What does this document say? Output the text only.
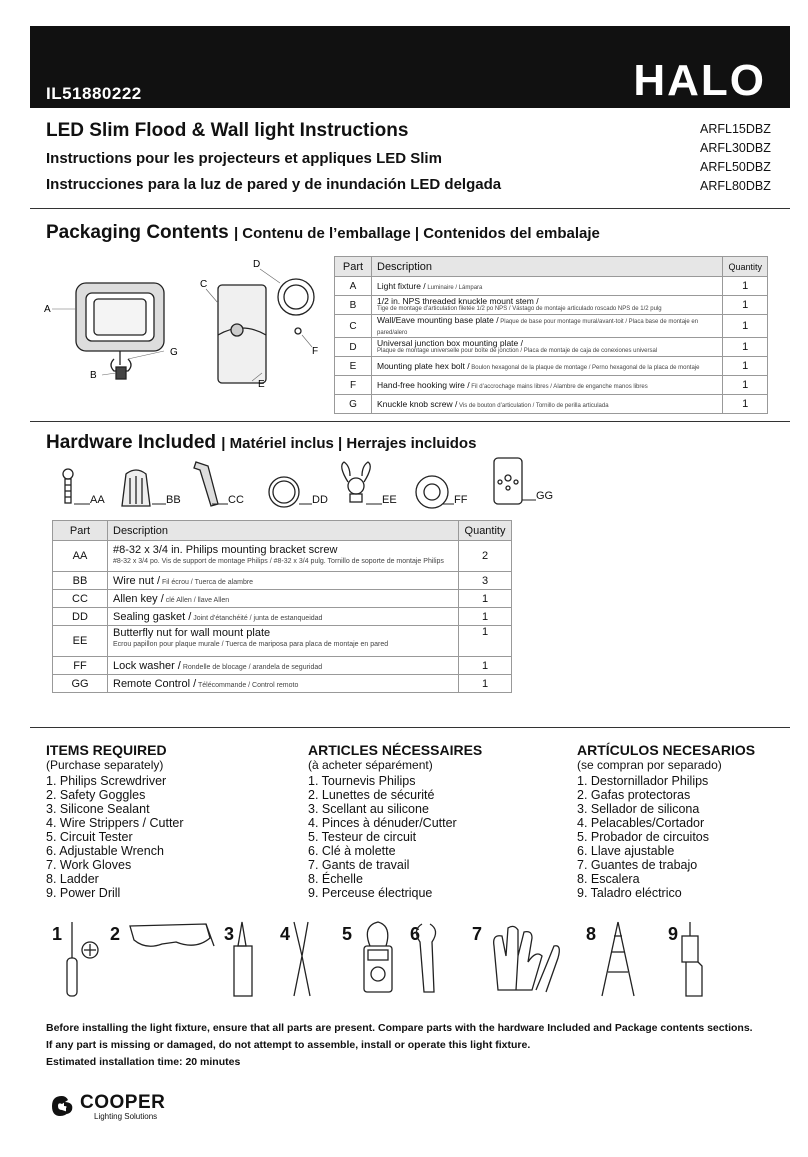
IL51880222	HALO
LED Slim Flood & Wall light Instructions
Instructions pour les projecteurs et appliques LED Slim
Instrucciones para la luz de pared y de inundación LED delgada
ARFL15DBZ
ARFL30DBZ
ARFL50DBZ
ARFL80DBZ
Packaging Contents | Contenu de l’emballage | Contenidos del embalaje
A
B
C
D
E
F
G
Part	Description	Quantity
A	Light fixture / Luminaire / Lámpara	1
B	1/2 in. NPS threaded knuckle mount stem /
Tige de montage d’articulation filetée 1/2 po NPS / Vástago de montaje articulado roscado NPS de 1/2 pulg	1
C	Wall/Eave mounting base plate / Plaque de base pour montage mural/avant-toit / Placa base de montaje en pared/alero	1
D	Universal junction box mounting plate /
Plaque de montage universelle pour boîte de jonction / Placa de montaje de caja de conexiones universal	1
E	Mounting plate hex bolt / Boulon hexagonal de la plaque de montage / Perno hexagonal de la placa de montaje	1
F	Hand-free hooking wire / Fil d’accrochage mains libres / Alambre de enganche manos libres	1
G	Knuckle knob screw / Vis de bouton d’articulation / Tornillo de perilla articulada	1
Hardware Included | Matériel inclus | Herrajes incluidos
AA	BB	CC	DD	EE	FF	GG
Part	Description	Quantity
AA	#8-32 x 3/4 in. Philips mounting bracket screw
#8-32 x 3/4 po. Vis de support de montage Philips / #8-32 x 3/4 pulg. Tornillo de soporte de montaje Philips	2
BB	Wire nut / Fil écrou / Tuerca de alambre	3
CC	Allen key / clé Allen / llave Allen	1
DD	Sealing gasket / Joint d’étanchéité / junta de estanqueidad	1
EE	Butterfly nut for wall mount plate
Ecrou papillon pour plaque murale / Tuerca de mariposa para placa de montaje en pared	1
FF	Lock washer / Rondelle de blocage / arandela de seguridad	1
GG	Remote Control / Télécommande / Control remoto	1
ITEMS REQUIRED
(Purchase separately)
1. Philips Screwdriver
2. Safety Goggles
3. Silicone Sealant
4. Wire Strippers / Cutter
5. Circuit Tester
6. Adjustable Wrench
7. Work Gloves
8. Ladder
9. Power Drill
ARTICLES NÉCESSAIRES
(à acheter séparément)
1. Tournevis Philips
2. Lunettes de sécurité
3. Scellant au silicone
4. Pinces à dénuder/Cutter
5. Testeur de circuit
6. Clé à molette
7. Gants de travail
8. Échelle
9. Perceuse électrique
ARTÍCULOS NECESARIOS
(se compran por separado)
1. Destornillador Philips
2. Gafas protectoras
3. Sellador de silicona
4. Pelacables/Cortador
5. Probador de circuitos
6. Llave ajustable
7. Guantes de trabajo
8. Escalera
9. Taladro eléctrico
1	2	3	4	5	6	7	8	9
Before installing the light fixture, ensure that all parts are present. Compare parts with the hardware Included and Package contents sections.
If any part is missing or damaged, do not attempt to assemble, install or operate this light fixture.
Estimated installation time: 20 minutes
COOPER
Lighting Solutions
